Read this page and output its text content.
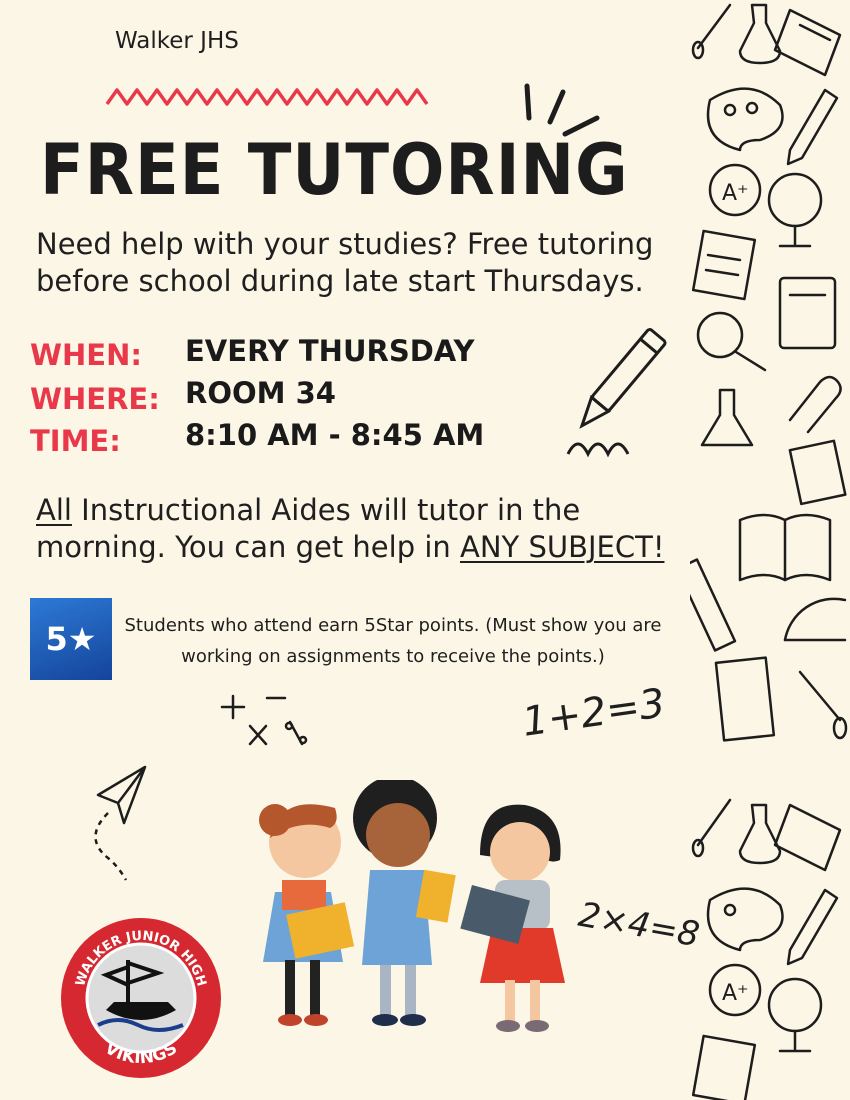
Walker JHS
FREE TUTORING
Need help with your studies? Free tutoring before school during late start Thursdays.
WHEN: EVERY THURSDAY
WHERE: ROOM 34
TIME: 8:10 AM - 8:45 AM
All Instructional Aides will tutor in the morning. You can get help in ANY SUBJECT!
5★	Students who attend earn 5Star points. (Must show you are working on assignments to receive the points.)
1+2=3
2×4=8
WALKER JUNIOR HIGH
VIKINGS
A⁺
A⁺
